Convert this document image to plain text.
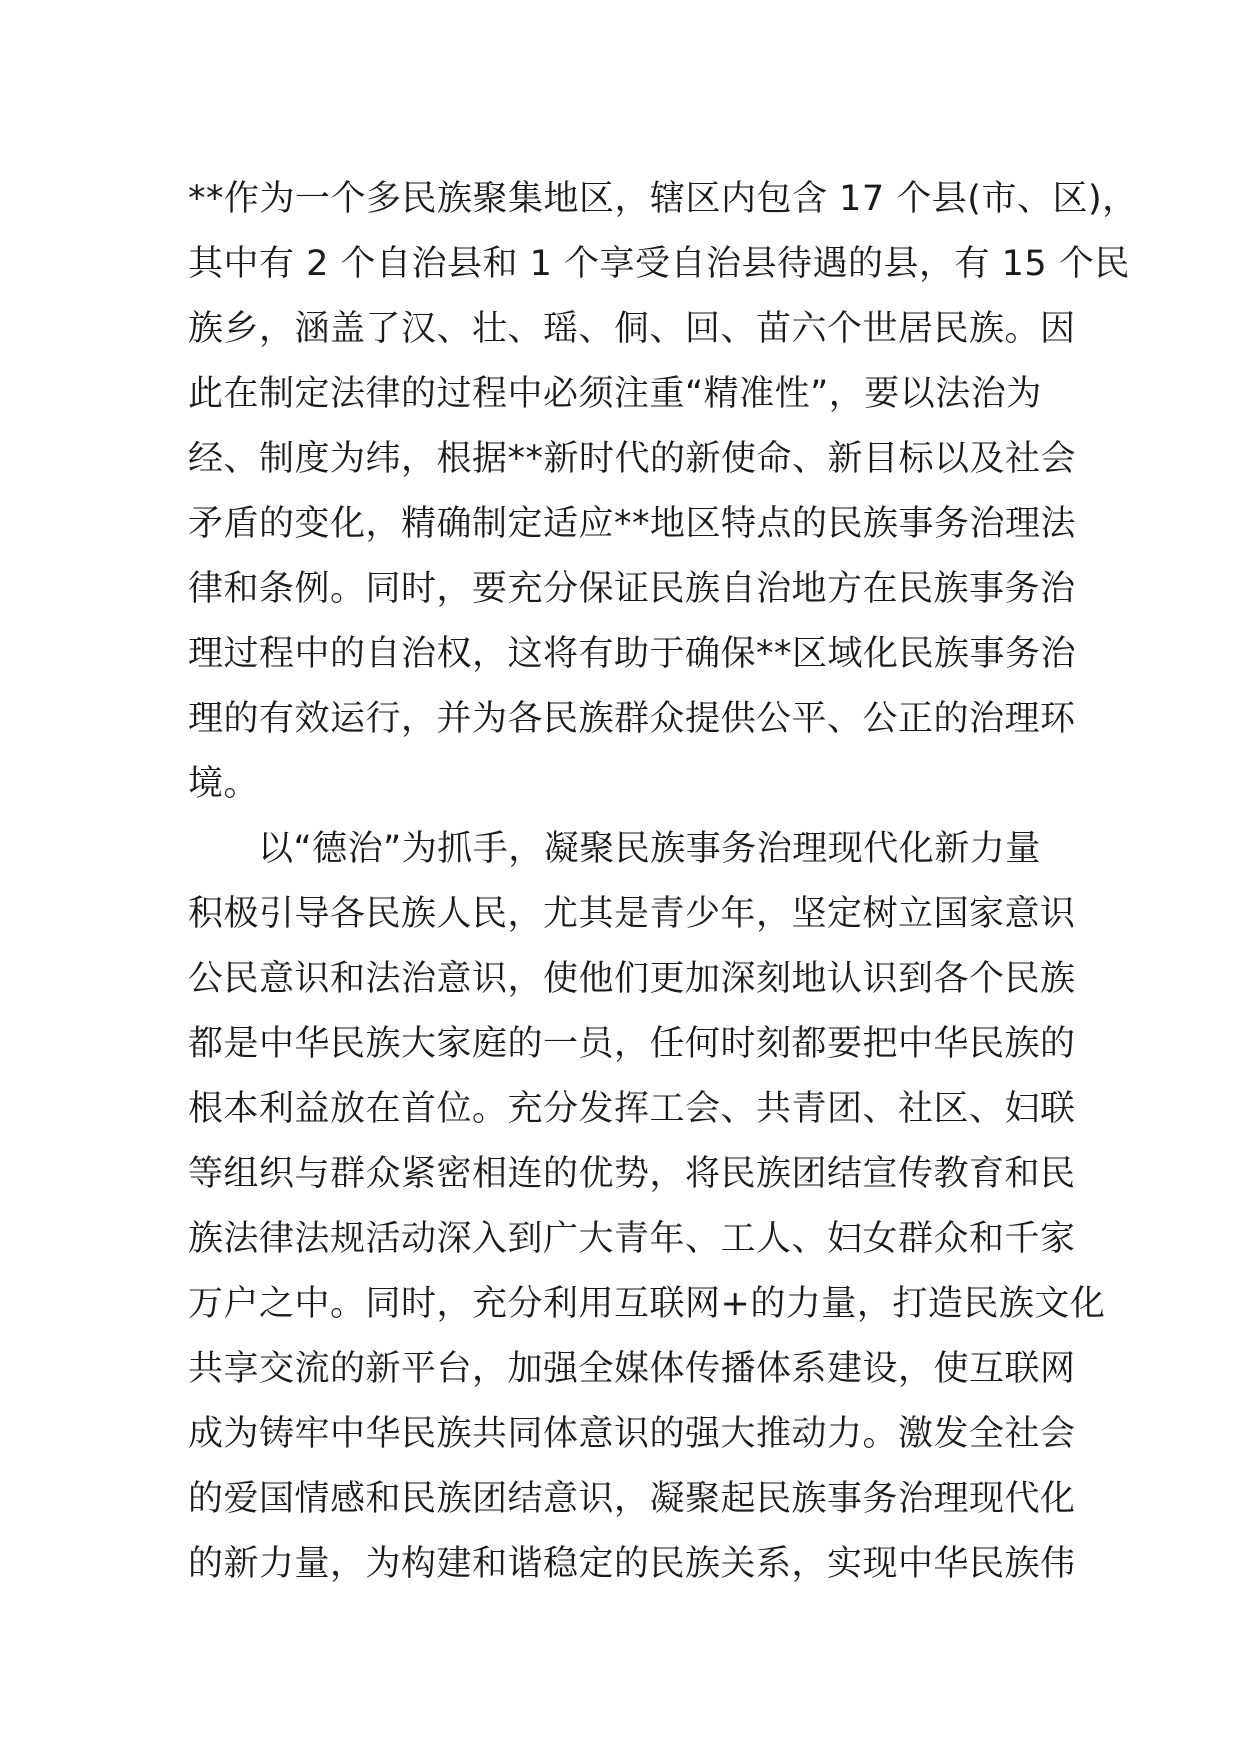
**作为一个多民族聚集地区，辖区内包含 17 个县(市、区)，
其中有 2 个自治县和 1 个享受自治县待遇的县，有 15 个民
族乡，涵盖了汉、壮、瑶、侗、回、苗六个世居民族。因
此在制定法律的过程中必须注重“精准性”，要以法治为
经、制度为纬，根据**新时代的新使命、新目标以及社会
矛盾的变化，精确制定适应**地区特点的民族事务治理法
律和条例。同时，要充分保证民族自治地方在民族事务治
理过程中的自治权，这将有助于确保**区域化民族事务治
理的有效运行，并为各民族群众提供公平、公正的治理环
境。
以“德治”为抓手，凝聚民族事务治理现代化新力量
积极引导各民族人民，尤其是青少年，坚定树立国家意识
公民意识和法治意识，使他们更加深刻地认识到各个民族
都是中华民族大家庭的一员，任何时刻都要把中华民族的
根本利益放在首位。充分发挥工会、共青团、社区、妇联
等组织与群众紧密相连的优势，将民族团结宣传教育和民
族法律法规活动深入到广大青年、工人、妇女群众和千家
万户之中。同时，充分利用互联网+的力量，打造民族文化
共享交流的新平台，加强全媒体传播体系建设，使互联网
成为铸牢中华民族共同体意识的强大推动力。激发全社会
的爱国情感和民族团结意识，凝聚起民族事务治理现代化
的新力量，为构建和谐稳定的民族关系，实现中华民族伟
